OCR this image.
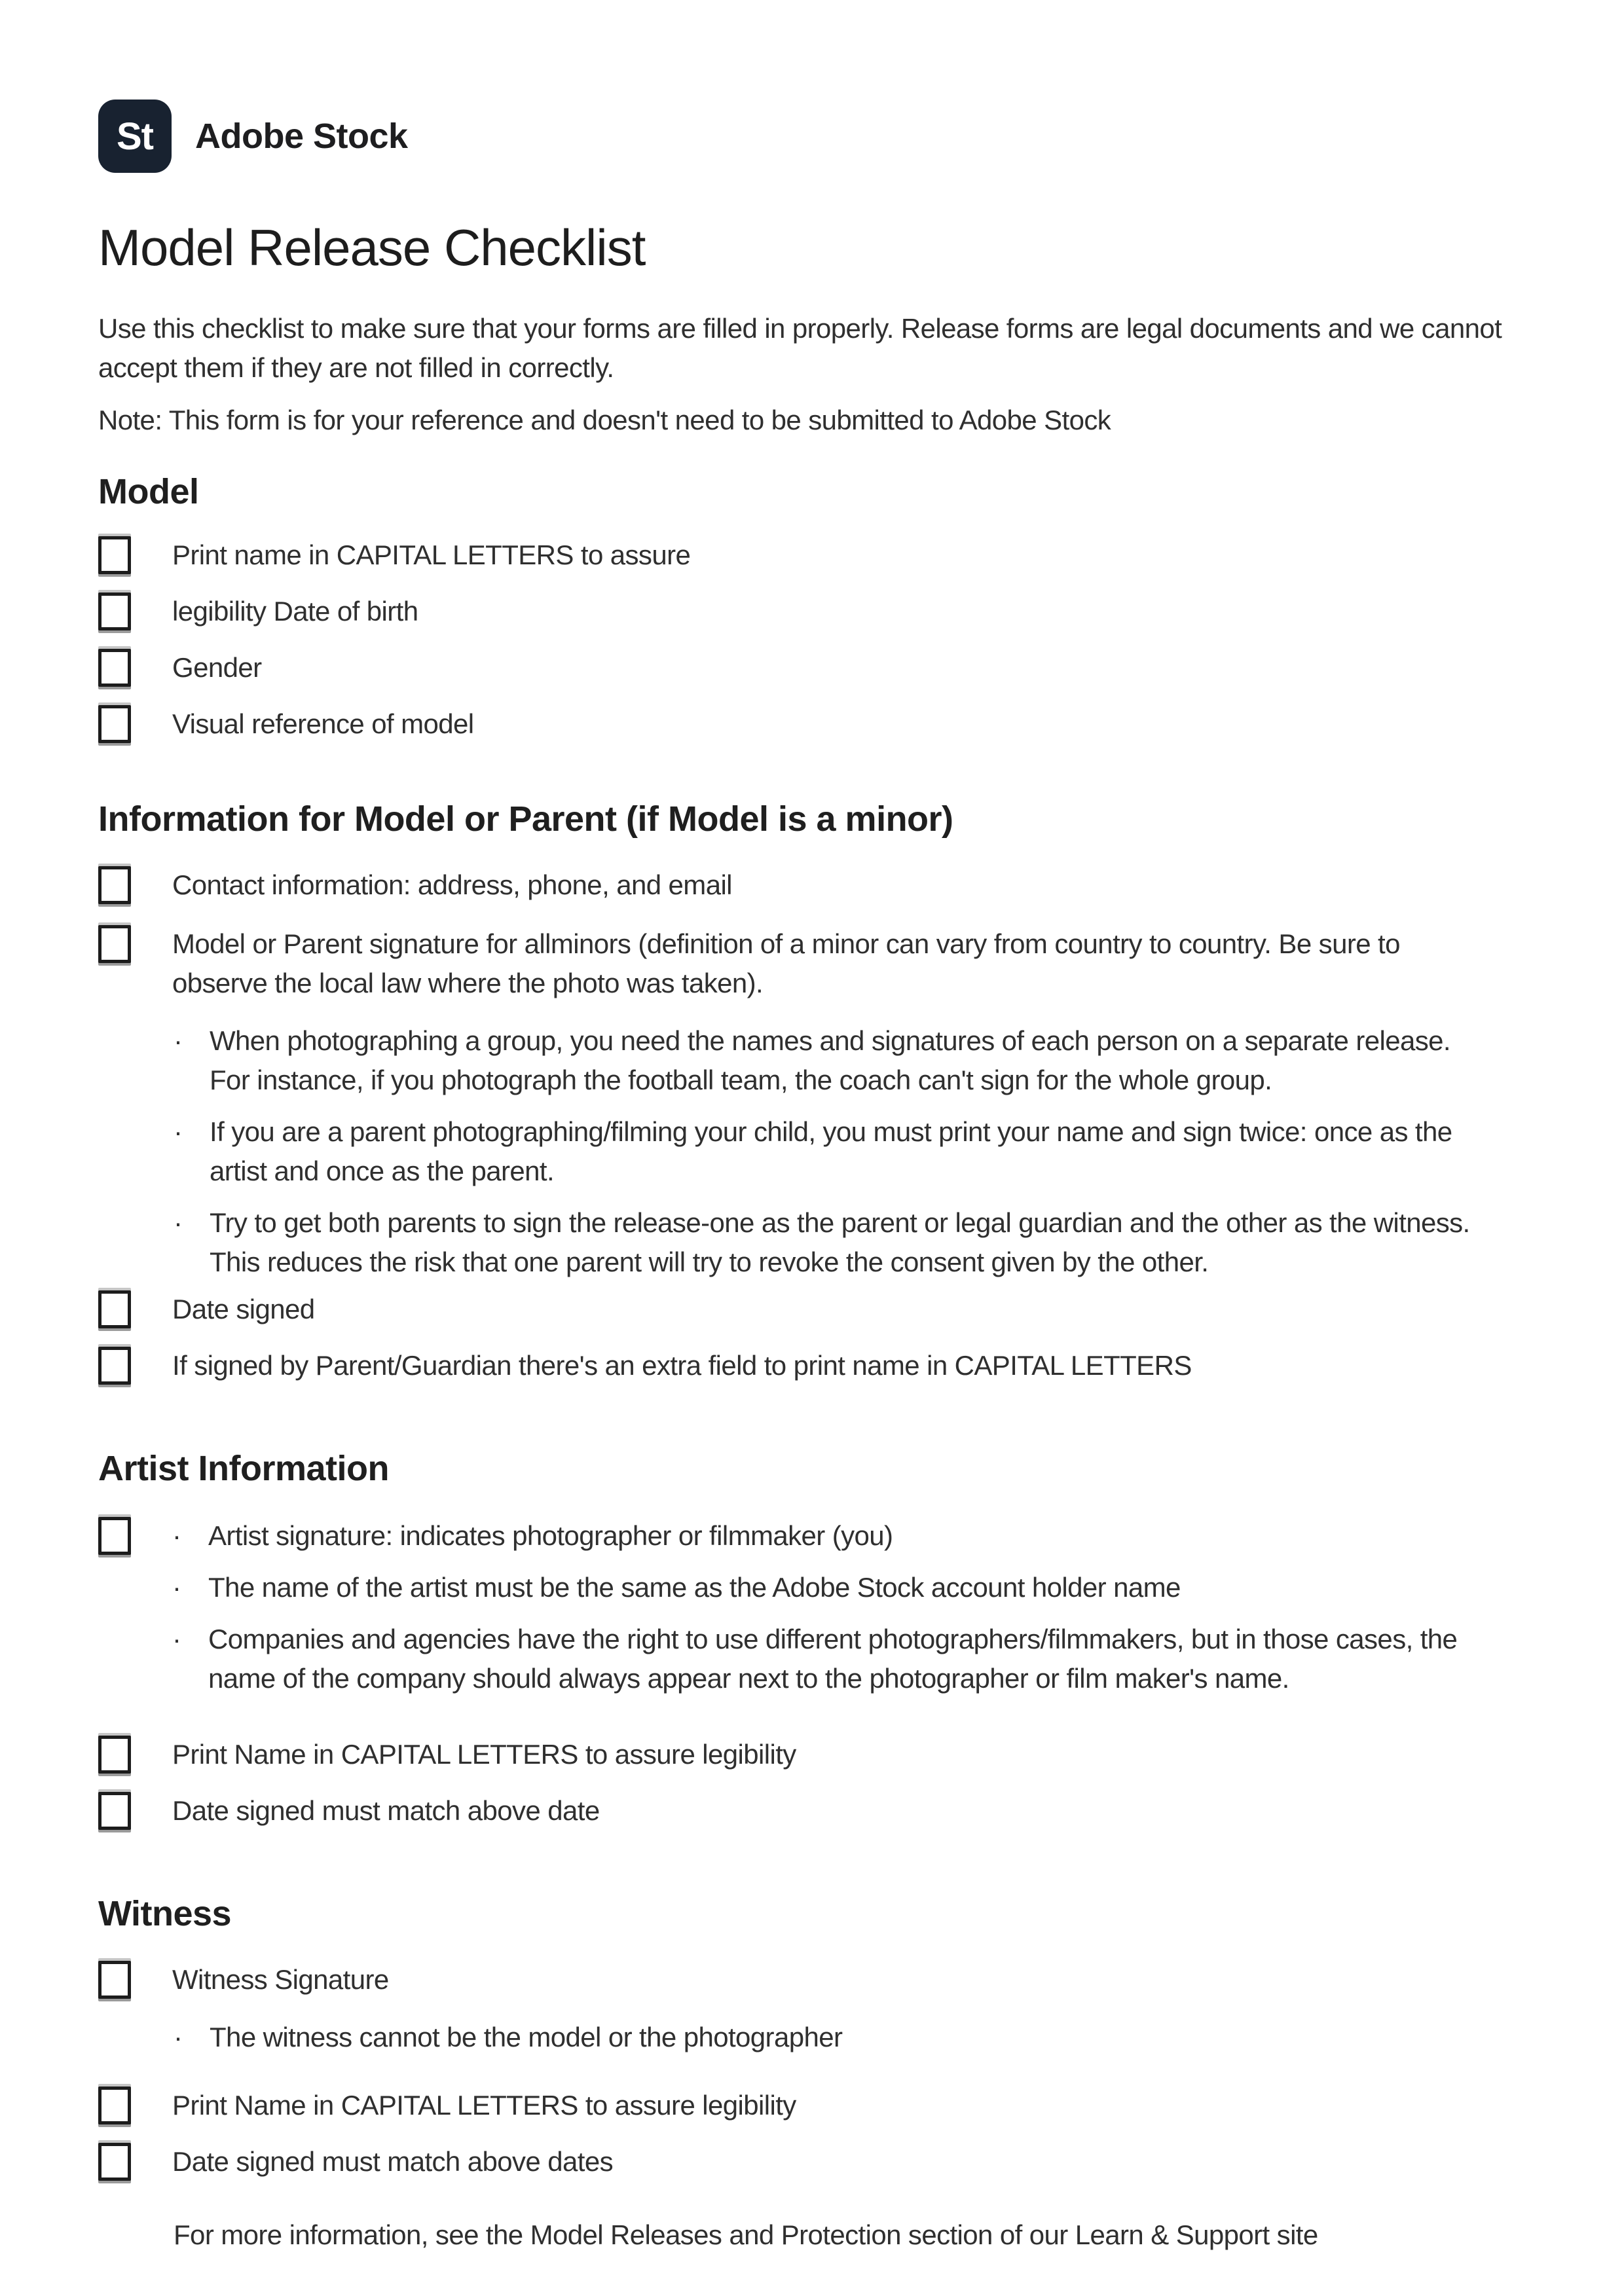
St Adobe Stock
Model Release Checklist
Use this checklist to make sure that your forms are filled in properly. Release forms are legal documents and we cannot accept them if they are not filled in correctly.
Note: This form is for your reference and doesn't need to be submitted to Adobe Stock
Model
Print name in CAPITAL LETTERS to assure
legibility Date of birth
Gender
Visual reference of model
Information for Model or Parent (if Model is a minor)
Contact information: address, phone, and email
Model or Parent signature for allminors (definition of a minor can vary from country to country. Be sure to observe the local law where the photo was taken).
· When photographing a group, you need the names and signatures of each person on a separate release. For instance, if you photograph the football team, the coach can't sign for the whole group.
· If you are a parent photographing/filming your child, you must print your name and sign twice: once as the artist and once as the parent.
· Try to get both parents to sign the release-one as the parent or legal guardian and the other as the witness. This reduces the risk that one parent will try to revoke the consent given by the other.
Date signed
If signed by Parent/Guardian there's an extra field to print name in CAPITAL LETTERS
Artist Information
· Artist signature: indicates photographer or filmmaker (you)
· The name of the artist must be the same as the Adobe Stock account holder name
· Companies and agencies have the right to use different photographers/filmmakers, but in those cases, the name of the company should always appear next to the photographer or film maker's name.
Print Name in CAPITAL LETTERS to assure legibility
Date signed must match above date
Witness
Witness Signature
· The witness cannot be the model or the photographer
Print Name in CAPITAL LETTERS to assure legibility
Date signed must match above dates
For more information, see the Model Releases and Protection section of our Learn & Support site
